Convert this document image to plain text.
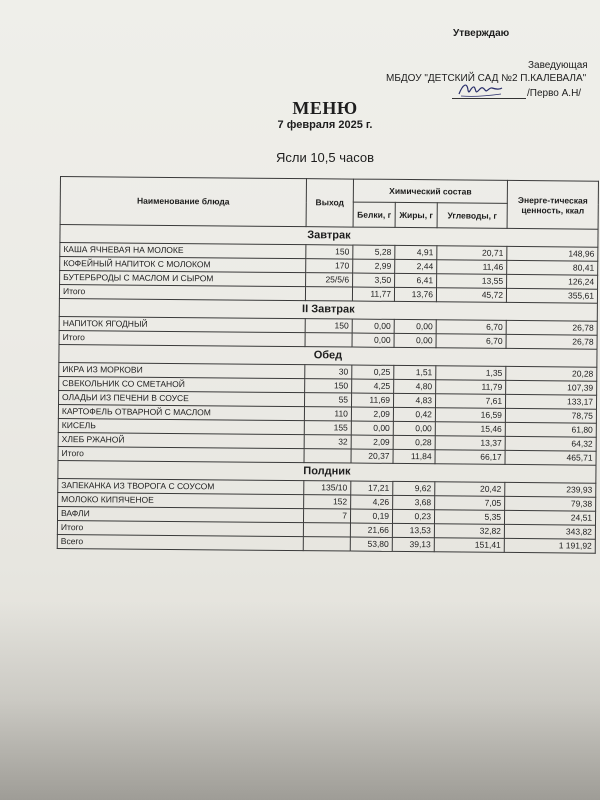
Утверждаю
Заведующая
МБДОУ "ДЕТСКИЙ САД №2 П.КАЛЕВАЛА"
/Перво А.Н/
МЕНЮ
7 февраля 2025 г.
Ясли 10,5 часов
Наименование блюда	Выход	Химический состав			Энерге-тическая ценность, ккал
		Белки, г	Жиры, г	Углеводы, г	
Завтрак					
КАША ЯЧНЕВАЯ НА МОЛОКЕ	150	5,28	4,91	20,71	148,96
КОФЕЙНЫЙ НАПИТОК С МОЛОКОМ	170	2,99	2,44	11,46	80,41
БУТЕРБРОДЫ С МАСЛОМ И СЫРОМ	25/5/6	3,50	6,41	13,55	126,24
Итого		11,77	13,76	45,72	355,61
II Завтрак					
НАПИТОК ЯГОДНЫЙ	150	0,00	0,00	6,70	26,78
Итого		0,00	0,00	6,70	26,78
Обед					
ИКРА ИЗ МОРКОВИ	30	0,25	1,51	1,35	20,28
СВЕКОЛЬНИК СО СМЕТАНОЙ	150	4,25	4,80	11,79	107,39
ОЛАДЬИ ИЗ ПЕЧЕНИ В СОУСЕ	55	11,69	4,83	7,61	133,17
КАРТОФЕЛЬ ОТВАРНОЙ С МАСЛОМ	110	2,09	0,42	16,59	78,75
КИСЕЛЬ	155	0,00	0,00	15,46	61,80
ХЛЕБ РЖАНОЙ	32	2,09	0,28	13,37	64,32
Итого		20,37	11,84	66,17	465,71
Полдник					
ЗАПЕКАНКА ИЗ ТВОРОГА С СОУСОМ	135/10	17,21	9,62	20,42	239,93
МОЛОКО КИПЯЧЕНОЕ	152	4,26	3,68	7,05	79,38
ВАФЛИ	7	0,19	0,23	5,35	24,51
Итого		21,66	13,53	32,82	343,82
Всего		53,80	39,13	151,41	1 191,92
